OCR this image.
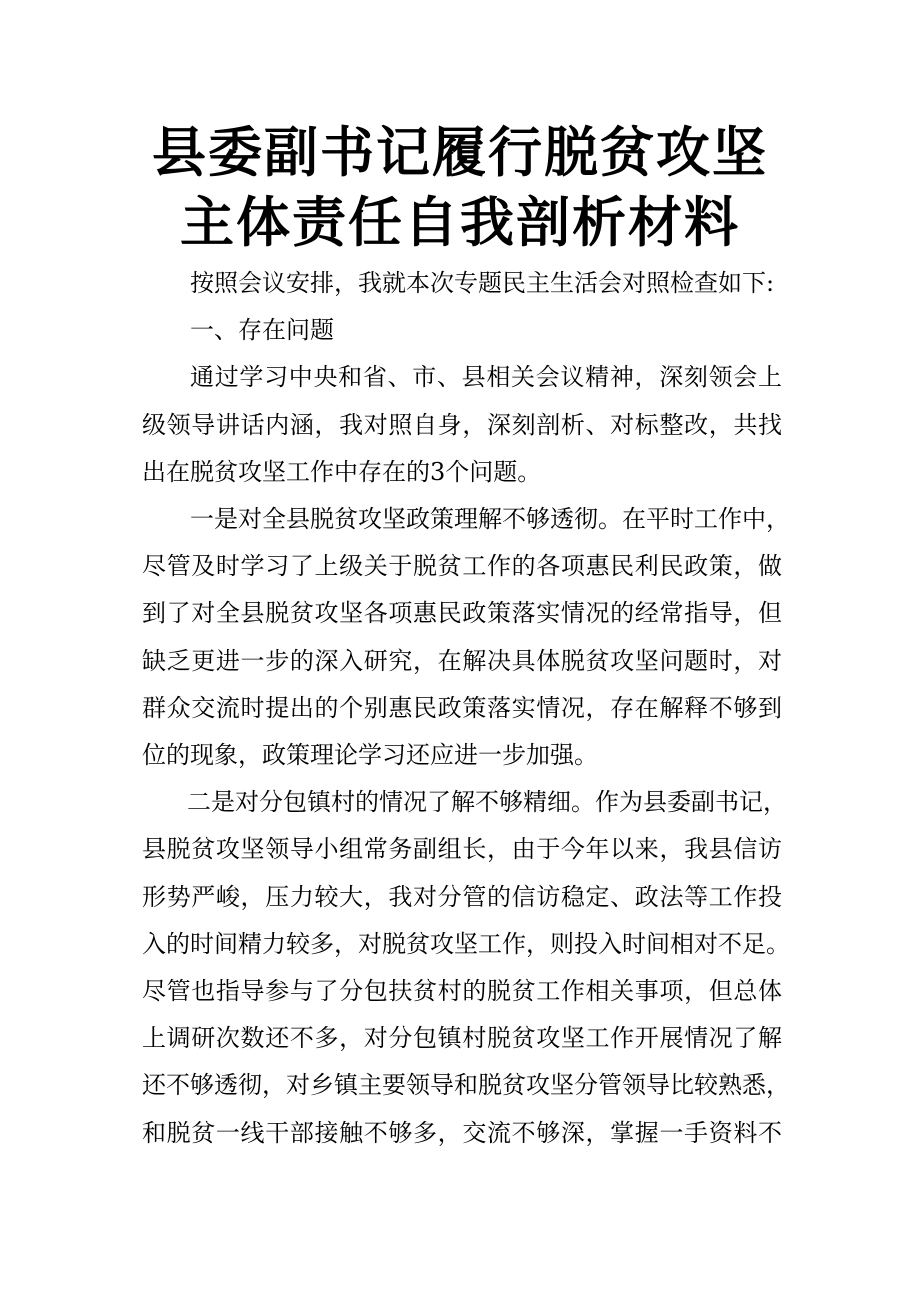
县委副书记履行脱贫攻坚
主体责任自我剖析材料

按照会议安排，我就本次专题民主生活会对照检查如下:

一、存在问题

通过学习中央和省、市、县相关会议精神，深刻领会上
级领导讲话内涵，我对照自身，深刻剖析、对标整改，共找
出在脱贫攻坚工作中存在的3个问题。

一是对全县脱贫攻坚政策理解不够透彻。在平时工作中，
尽管及时学习了上级关于脱贫工作的各项惠民利民政策，做
到了对全县脱贫攻坚各项惠民政策落实情况的经常指导，但
缺乏更进一步的深入研究，在解决具体脱贫攻坚问题时，对
群众交流时提出的个别惠民政策落实情况，存在解释不够到
位的现象，政策理论学习还应进一步加强。

二是对分包镇村的情况了解不够精细。作为县委副书记，
县脱贫攻坚领导小组常务副组长，由于今年以来，我县信访
形势严峻，压力较大，我对分管的信访稳定、政法等工作投
入的时间精力较多，对脱贫攻坚工作，则投入时间相对不足。
尽管也指导参与了分包扶贫村的脱贫工作相关事项，但总体
上调研次数还不多，对分包镇村脱贫攻坚工作开展情况了解
还不够透彻，对乡镇主要领导和脱贫攻坚分管领导比较熟悉，
和脱贫一线干部接触不够多，交流不够深，掌握一手资料不
